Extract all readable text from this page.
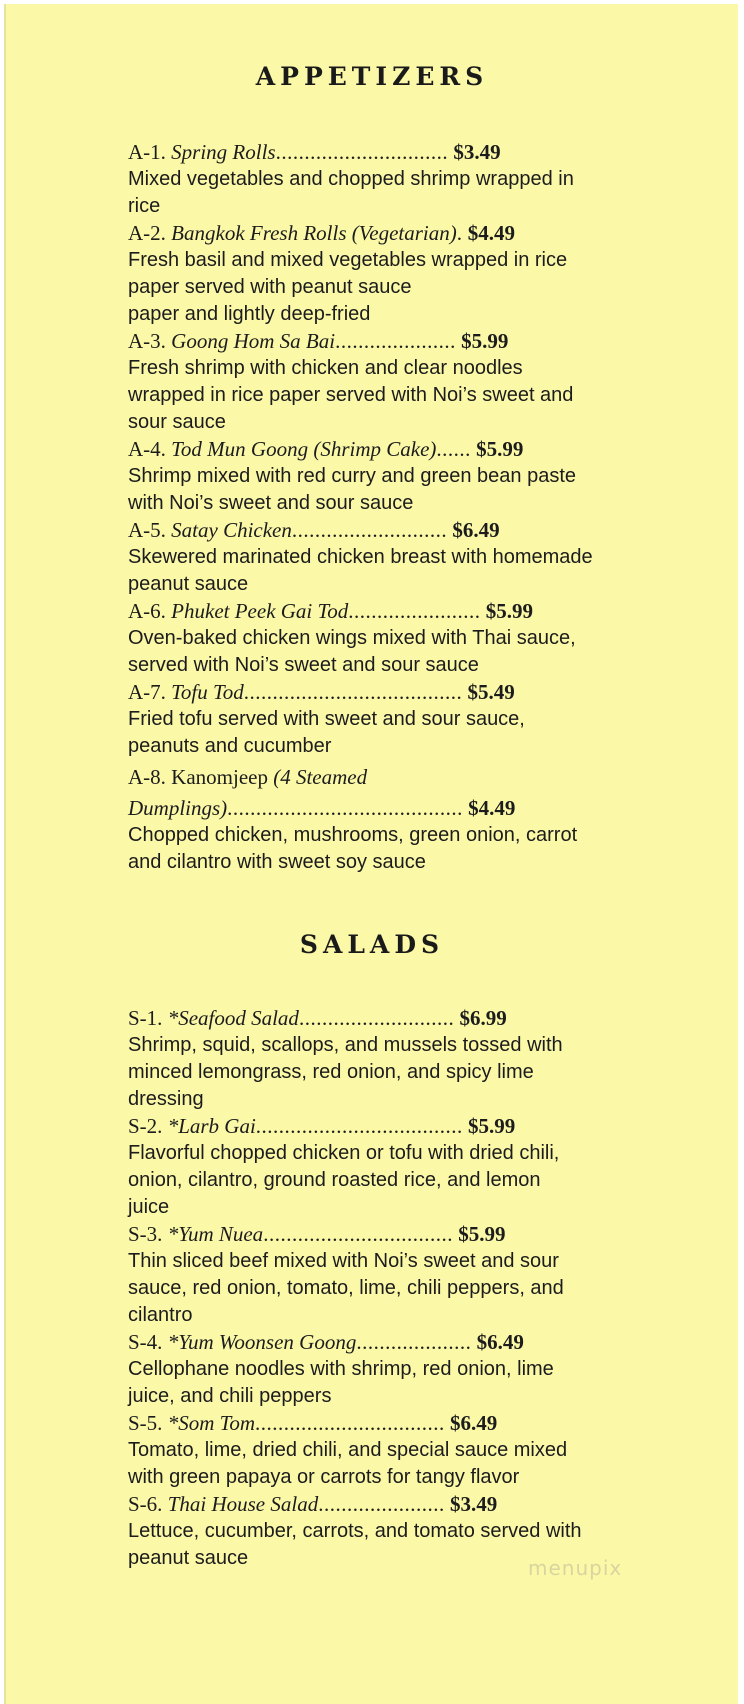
APPETIZERS
A-1. Spring Rolls.............................. $3.49
Mixed vegetables and chopped shrimp wrapped in
rice
A-2. Bangkok Fresh Rolls (Vegetarian). $4.49
Fresh basil and mixed vegetables wrapped in rice
paper served with peanut sauce
paper and lightly deep-fried
A-3. Goong Hom Sa Bai..................... $5.99
Fresh shrimp with chicken and clear noodles
wrapped in rice paper served with Noi’s sweet and
sour sauce
A-4. Tod Mun Goong (Shrimp Cake)...... $5.99
Shrimp mixed with red curry and green bean paste
with Noi’s sweet and sour sauce
A-5. Satay Chicken........................... $6.49
Skewered marinated chicken breast with homemade
peanut sauce
A-6. Phuket Peek Gai Tod....................... $5.99
Oven-baked chicken wings mixed with Thai sauce,
served with Noi’s sweet and sour sauce
A-7. Tofu Tod...................................... $5.49
Fried tofu served with sweet and sour sauce,
peanuts and cucumber
A-8. Kanomjeep (4 Steamed
Dumplings)......................................... $4.49
Chopped chicken, mushrooms, green onion, carrot
and cilantro with sweet soy sauce
SALADS
S-1. *Seafood Salad........................... $6.99
Shrimp, squid, scallops, and mussels tossed with
minced lemongrass, red onion, and spicy lime
dressing
S-2. *Larb Gai.................................... $5.99
Flavorful chopped chicken or tofu with dried chili,
onion, cilantro, ground roasted rice, and lemon
juice
S-3. *Yum Nuea................................. $5.99
Thin sliced beef mixed with Noi’s sweet and sour
sauce, red onion, tomato, lime, chili peppers, and
cilantro
S-4. *Yum Woonsen Goong.................... $6.49
Cellophane noodles with shrimp, red onion, lime
juice, and chili peppers
S-5. *Som Tom................................. $6.49
Tomato, lime, dried chili, and special sauce mixed
with green papaya or carrots for tangy flavor
S-6. Thai House Salad...................... $3.49
Lettuce, cucumber, carrots, and tomato served with
peanut sauce	menupix
